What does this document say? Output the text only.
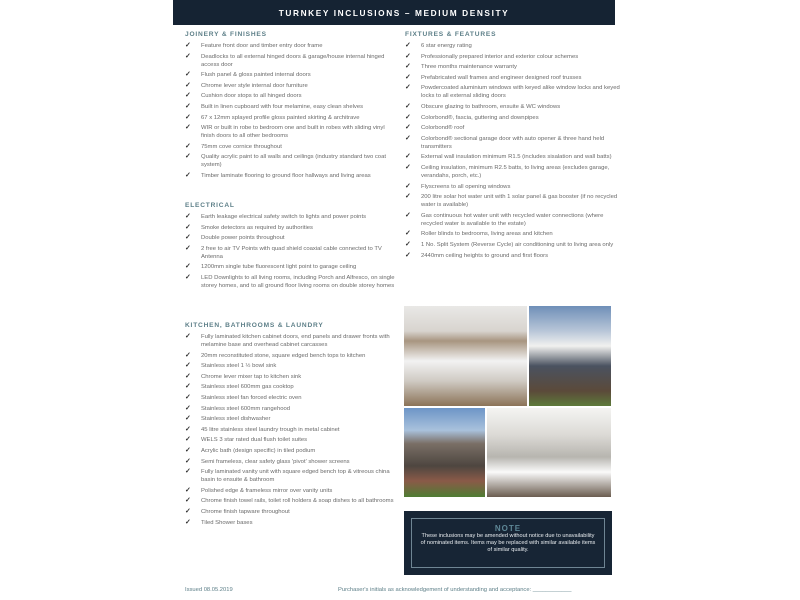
TURNKEY INCLUSIONS – MEDIUM DENSITY
JOINERY & FINISHES
✓ Feature front door and timber entry door frame
✓ Deadlocks to all external hinged doors & garage/house internal hinged access door
✓ Flush panel & gloss painted internal doors
✓ Chrome lever style internal door furniture
✓ Cushion door stops to all hinged doors
✓ Built in linen cupboard with four melamine, easy clean shelves
✓ 67 x 12mm splayed profile gloss painted skirting & architrave
✓ WIR or built in robe to bedroom one and built in robes with sliding vinyl finish doors to all other bedrooms
✓ 75mm cove cornice throughout
✓ Quality acrylic paint to all walls and ceilings (industry standard two coat system)
✓ Timber laminate flooring to ground floor hallways and living areas
ELECTRICAL
✓ Earth leakage electrical safety switch to lights and power points
✓ Smoke detectors as required by authorities
✓ Double power points throughout
✓ 2 free to air TV Points with quad shield coaxial cable connected to TV Antenna
✓ 1200mm single tube fluorescent light point to garage ceiling
✓ LED Downlights to all living rooms, including Porch and Alfresco, on single storey homes, and to all ground floor living rooms on double storey homes
KITCHEN, BATHROOMS & LAUNDRY
✓ Fully laminated kitchen cabinet doors, end panels and drawer fronts with melamine base and overhead cabinet carcasses
✓ 20mm reconstituted stone, square edged bench tops to kitchen
✓ Stainless steel 1 ½ bowl sink
✓ Chrome lever mixer tap to kitchen sink
✓ Stainless steel 600mm gas cooktop
✓ Stainless steel fan forced electric oven
✓ Stainless steel 600mm rangehood
✓ Stainless steel dishwasher
✓ 45 litre stainless steel laundry trough in metal cabinet
✓ WELS 3 star rated dual flush toilet suites
✓ Acrylic bath (design specific) in tiled podium
✓ Semi frameless, clear safety glass 'pivot' shower screens
✓ Fully laminated vanity unit with square edged bench top & vitreous china basin to ensuite & bathroom
✓ Polished edge & frameless mirror over vanity units
✓ Chrome finish towel rails, toilet roll holders & soap dishes to all bathrooms
✓ Chrome finish tapware throughout
✓ Tiled Shower bases
FIXTURES & FEATURES
✓ 6 star energy rating
✓ Professionally prepared interior and exterior colour schemes
✓ Three months maintenance warranty
✓ Prefabricated wall frames and engineer designed roof trusses
✓ Powdercoated aluminium windows with keyed alike window locks and keyed locks to all external sliding doors
✓ Obscure glazing to bathroom, ensuite & WC windows
✓ Colorbond®, fascia, guttering and downpipes
✓ Colorbond® roof
✓ Colorbond® sectional garage door with auto opener & three hand held transmitters
✓ External wall insulation minimum R1.5 (includes sisalation and wall batts)
✓ Ceiling insulation, minimum R2.5 batts, to living areas (excludes garage, verandahs, porch, etc.)
✓ Flyscreens to all opening windows
✓ 200 litre solar hot water unit with 1 solar panel & gas booster (if no recycled water is available)
✓ Gas continuous hot water unit with recycled water connections (where recycled water is available to the estate)
✓ Roller blinds to bedrooms, living areas and kitchen
✓ 1 No. Split System (Reverse Cycle) air conditioning unit to living area only
✓ 2440mm ceiling heights to ground and first floors
NOTE
These inclusions may be amended without notice due to unavailability of nominated items. Items may be replaced with similar available items of similar quality.
Issued 08.05.2019	Purchaser's initials as acknowledgement of understanding and acceptance: ____________
